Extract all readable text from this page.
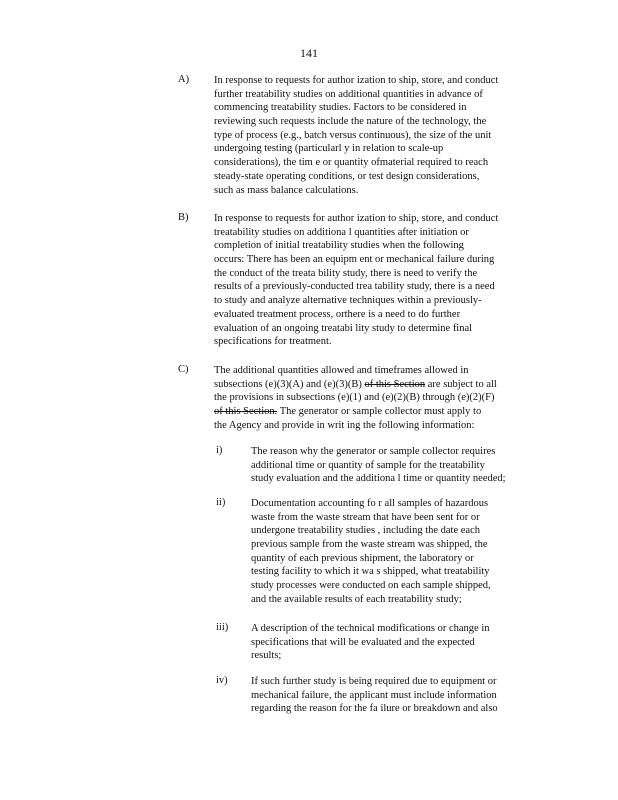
141
A) In response to requests for author ization to ship, store, and conduct
further treatability studies on additional quantities in advance of
commencing treatability studies. Factors to be considered in
reviewing such requests include the nature of the technology, the
type of process (e.g., batch versus continuous), the size of the unit
undergoing testing (particularl y in relation to scale-up
considerations), the tim e or quantity ofmaterial required to reach
steady-state operating conditions, or test design considerations,
such as mass balance calculations.
B) In response to requests for author ization to ship, store, and conduct
treatability studies on additiona l quantities after initiation or
completion of initial treatability studies when the following
occurs: There has been an equipm ent or mechanical failure during
the conduct of the treata bility study, there is need to verify the
results of a previously-conducted trea tability study, there is a need
to study and analyze alternative techniques within a previously-
evaluated treatment process, orthere is a need to do further
evaluation of an ongoing treatabi lity study to determine final
specifications for treatment.
C) The additional quantities allowed and timeframes allowed in
subsections (e)(3)(A) and (e)(3)(B) of this Section are subject to all
the provisions in subsections (e)(1) and (e)(2)(B) through (e)(2)(F)
of this Section. The generator or sample collector must apply to
the Agency and provide in writ ing the following information:
i)	The reason why the generator or sample collector requires
additional time or quantity of sample for the treatability
study evaluation and the additiona l time or quantity needed;
ii) Documentation accounting fo r all samples of hazardous
waste from the waste stream that have been sent for or
undergone treatability studies , including the date each
previous sample from the waste stream was shipped, the
quantity of each previous shipment, the laboratory or
testing facility to which it wa s shipped, what treatability
study processes were conducted on each sample shipped,
and the available results of each treatability study;
iii) A description of the technical modifications or change in
specifications that will be evaluated and the expected
results;
iv) If such further study is being required due to equipment or
mechanical failure, the applicant must include information
regarding the reason for the fa ilure or breakdown and also
